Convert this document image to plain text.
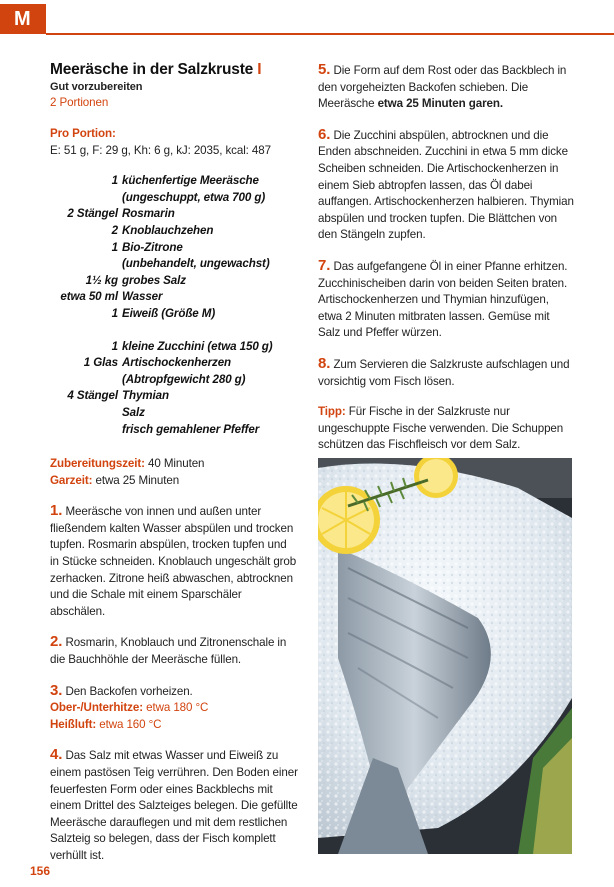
M
Meeräsche in der Salzkruste I
Gut vorzubereiten
2 Portionen
Pro Portion:
E: 51 g, F: 29 g, Kh: 6 g, kJ: 2035, kcal: 487
1 küchenfertige Meeräsche
(ungeschuppt, etwa 700 g)
2 Stängel Rosmarin
2 Knoblauchzehen
1 Bio-Zitrone
(unbehandelt, ungewachst)
1½ kg grobes Salz
etwa 50 ml Wasser
1 Eiweiß (Größe M)
1 kleine Zucchini (etwa 150 g)
1 Glas Artischockenherzen
(Abtropfgewicht 280 g)
4 Stängel Thymian
Salz
frisch gemahlener Pfeffer
Zubereitungszeit: 40 Minuten
Garzeit: etwa 25 Minuten

1. Meeräsche von innen und außen unter fließendem kalten Wasser abspülen und trocken tupfen. Rosmarin abspülen, trocken tupfen und in Stücke schneiden. Knoblauch ungeschält grob zerhacken. Zitrone heiß abwaschen, abtrocknen und die Schale mit einem Sparschäler abschälen.

2. Rosmarin, Knoblauch und Zitronenschale in die Bauchhöhle der Meeräsche füllen.

3. Den Backofen vorheizen.
Ober-/Unterhitze: etwa 180 °C
Heißluft: etwa 160 °C

4. Das Salz mit etwas Wasser und Eiweiß zu einem pastösen Teig verrühren. Den Boden einer feuerfesten Form oder eines Backblechs mit einem Drittel des Salzteiges belegen. Die gefüllte Meeräsche darauflegen und mit dem restlichen Salzteig so belegen, dass der Fisch komplett verhüllt ist.

5. Die Form auf dem Rost oder das Backblech in den vorgeheizten Backofen schieben. Die Meeräsche etwa 25 Minuten garen.

6. Die Zucchini abspülen, abtrocknen und die Enden abschneiden. Zucchini in etwa 5 mm dicke Scheiben schneiden. Die Artischockenherzen in einem Sieb abtropfen lassen, das Öl dabei auffangen. Artischockenherzen halbieren. Thymian abspülen und trocken tupfen. Die Blättchen von den Stängeln zupfen.

7. Das aufgefangene Öl in einer Pfanne erhitzen. Zucchinischeiben darin von beiden Seiten braten. Artischockenherzen und Thymian hinzufügen, etwa 2 Minuten mitbraten lassen. Gemüse mit Salz und Pfeffer würzen.

8. Zum Servieren die Salzkruste aufschlagen und vorsichtig vom Fisch lösen.

Tipp: Für Fische in der Salzkruste nur ungeschuppte Fische verwenden. Die Schuppen schützen das Fischfleisch vor dem Salz.

156
